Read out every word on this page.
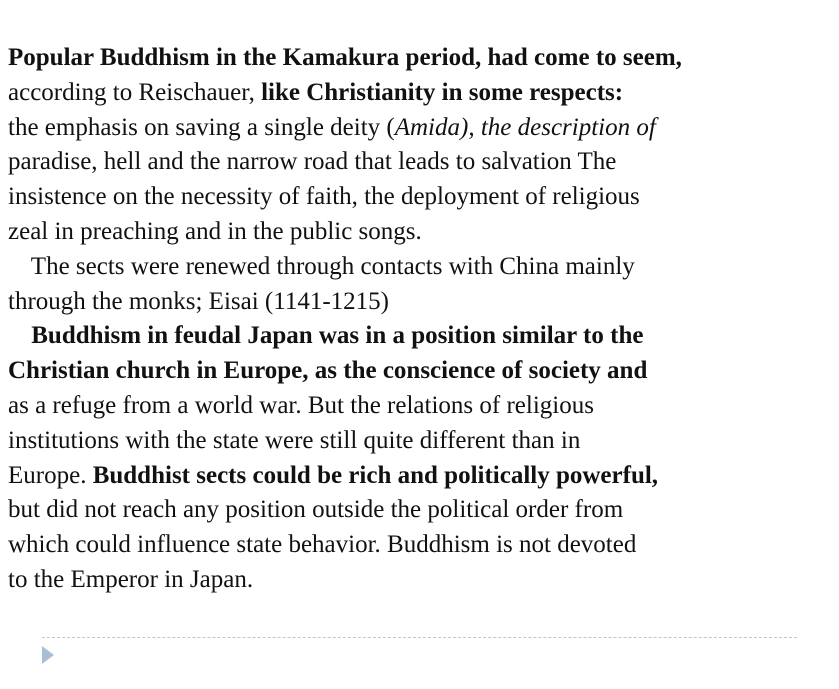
Popular Buddhism in the Kamakura period, had come to seem,
according to Reischauer, like Christianity in some respects:
the emphasis on saving a single deity (Amida), the description of
paradise, hell and the narrow road that leads to salvation The
insistence on the necessity of faith, the deployment of religious
zeal in preaching and in the public songs.
The sects were renewed through contacts with China mainly
through the monks; Eisai (1141-1215)
Buddhism in feudal Japan was in a position similar to the
Christian church in Europe, as the conscience of society and
as a refuge from a world war. But the relations of religious
institutions with the state were still quite different than in
Europe. Buddhist sects could be rich and politically powerful,
but did not reach any position outside the political order from
which could influence state behavior. Buddhism is not devoted
to the Emperor in Japan.
